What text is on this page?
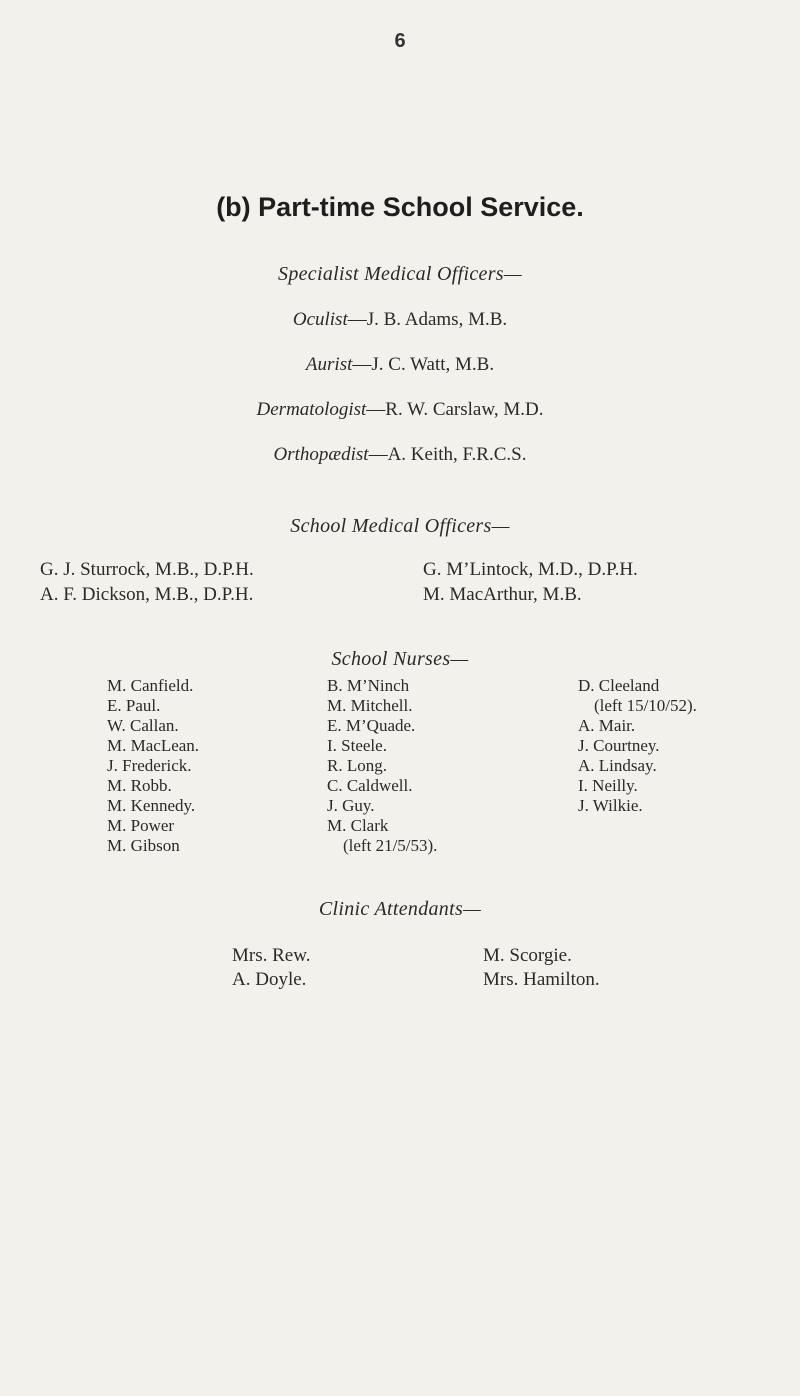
6
(b) Part-time School Service.
Specialist Medical Officers—
Oculist—J. B. Adams, M.B.
Aurist—J. C. Watt, M.B.
Dermatologist—R. W. Carslaw, M.D.
Orthopædist—A. Keith, F.R.C.S.
School Medical Officers—
G. J. Sturrock, M.B., D.P.H.
A. F. Dickson, M.B., D.P.H.
G. M’Lintock, M.D., D.P.H.
M. MacArthur, M.B.
School Nurses—
M. Canfield.
E. Paul.
W. Callan.
M. MacLean.
J. Frederick.
M. Robb.
M. Kennedy.
M. Power
M. Gibson
B. M’Ninch
M. Mitchell.
E. M’Quade.
I. Steele.
R. Long.
C. Caldwell.
J. Guy.
M. Clark
(left 21/5/53).
D. Cleeland
(left 15/10/52).
A. Mair.
J. Courtney.
A. Lindsay.
I. Neilly.
J. Wilkie.
Clinic Attendants—
Mrs. Rew.
A. Doyle.
M. Scorgie.
Mrs. Hamilton.
